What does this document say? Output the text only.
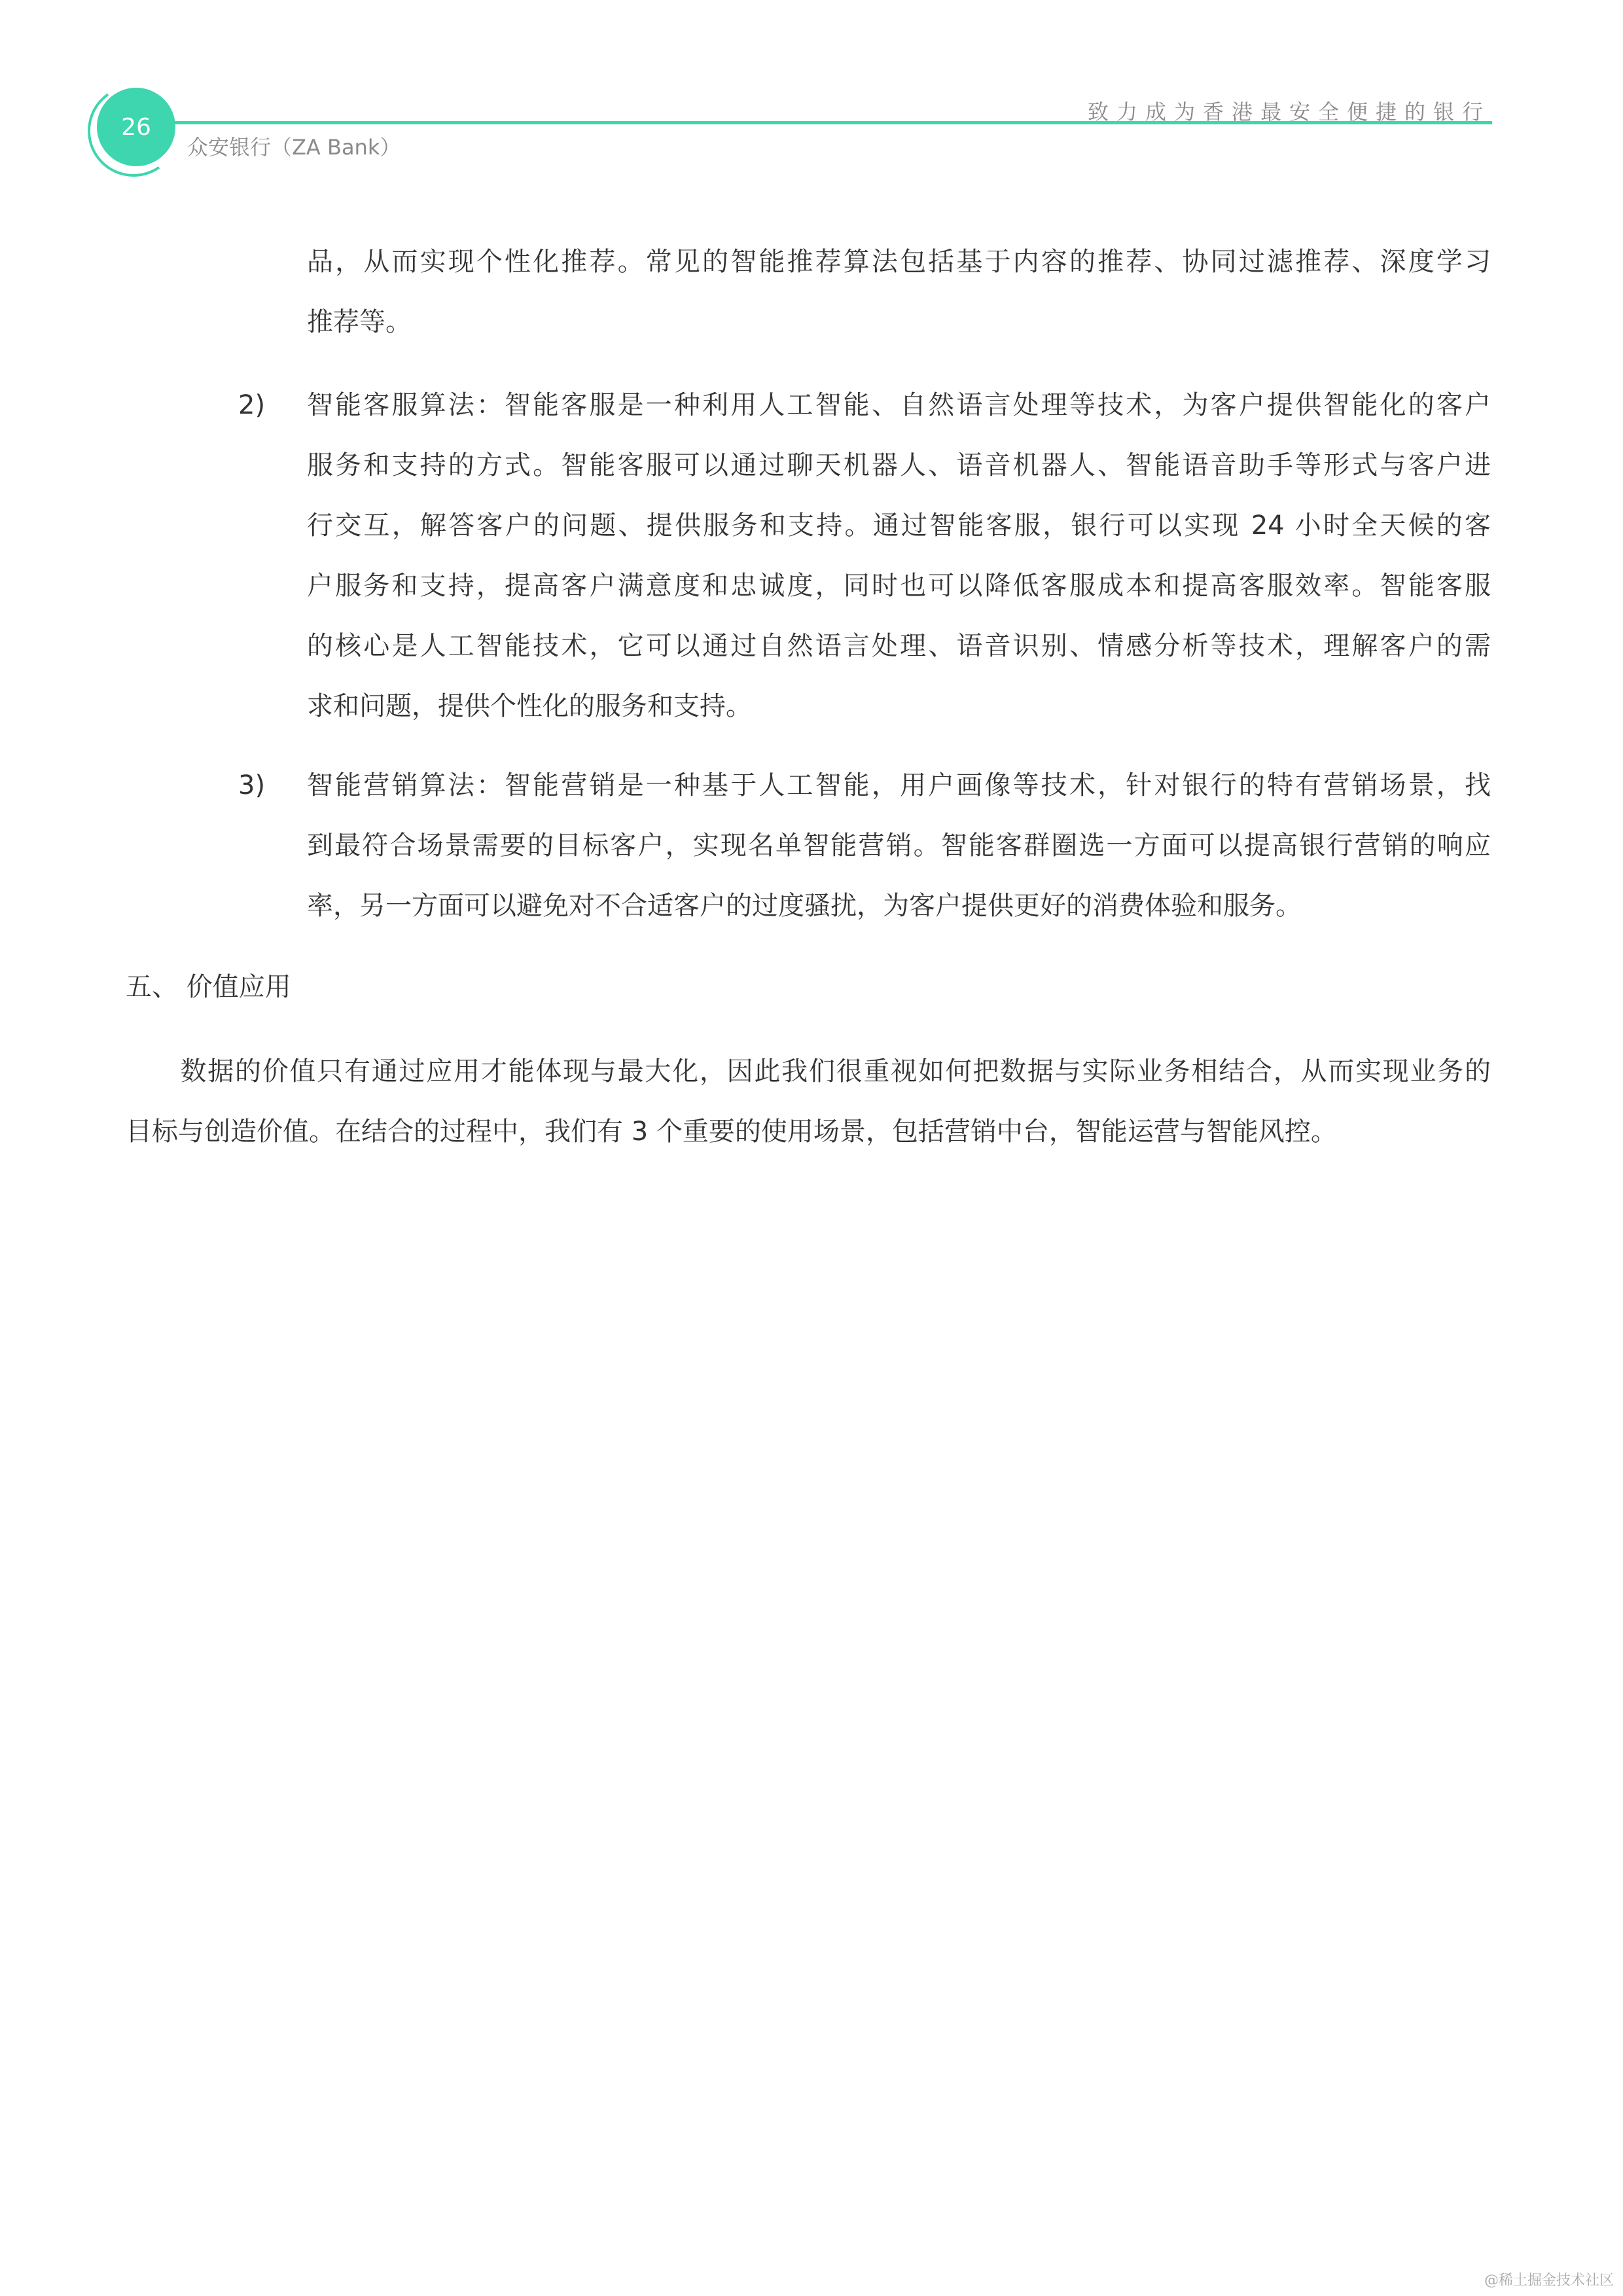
26
致力成为香港最安全便捷的银行
众安银行（ZA Bank）
品，从而实现个性化推荐。常见的智能推荐算法包括基于内容的推荐、协同过滤推荐、深度学习
推荐等。
2) 智能客服算法：智能客服是一种利用人工智能、自然语言处理等技术，为客户提供智能化的客户
服务和支持的方式。智能客服可以通过聊天机器人、语音机器人、智能语音助手等形式与客户进
行交互，解答客户的问题、提供服务和支持。通过智能客服，银行可以实现 24 小时全天候的客
户服务和支持，提高客户满意度和忠诚度，同时也可以降低客服成本和提高客服效率。智能客服
的核心是人工智能技术，它可以通过自然语言处理、语音识别、情感分析等技术，理解客户的需
求和问题，提供个性化的服务和支持。
3) 智能营销算法：智能营销是一种基于人工智能，用户画像等技术，针对银行的特有营销场景，找
到最符合场景需要的目标客户，实现名单智能营销。智能客群圈选一方面可以提高银行营销的响应
率，另一方面可以避免对不合适客户的过度骚扰，为客户提供更好的消费体验和服务。
五、 价值应用
　　数据的价值只有通过应用才能体现与最大化，因此我们很重视如何把数据与实际业务相结合，从而实现业务的
目标与创造价值。在结合的过程中，我们有 3 个重要的使用场景，包括营销中台，智能运营与智能风控。
@稀土掘金技术社区
